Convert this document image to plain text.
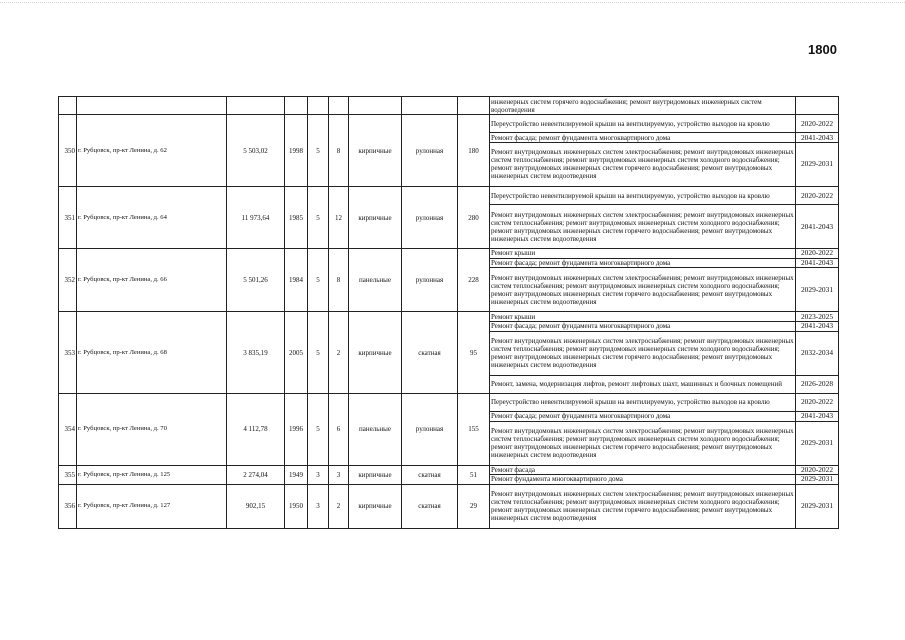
1800
									инженерных систем горячего водоснабжения; ремонт внутридомовых инженерных систем водоотведения	
350	г. Рубцовск, пр-кт Ленина, д. 62	5 503,02	1998	5	8	кирпичные	рулонная	180	Переустройство невентилируемой крыши на вентилируемую, устройство выходов на кровлю	2020-2022
									Ремонт фасада; ремонт фундамента многоквартирного дома	2041-2043
									Ремонт внутридомовых инженерных систем электроснабжения; ремонт внутридомовых инженерных систем теплоснабжения; ремонт внутридомовых инженерных систем холодного водоснабжения; ремонт внутридомовых инженерных систем горячего водоснабжения; ремонт внутридомовых инженерных систем водоотведения	2029-2031
351	г. Рубцовск, пр-кт Ленина, д. 64	11 973,64	1985	5	12	кирпичные	рулонная	280	Переустройство невентилируемой крыши на вентилируемую, устройство выходов на кровлю	2020-2022
									Ремонт внутридомовых инженерных систем электроснабжения; ремонт внутридомовых инженерных систем теплоснабжения; ремонт внутридомовых инженерных систем холодного водоснабжения; ремонт внутридомовых инженерных систем горячего водоснабжения; ремонт внутридомовых инженерных систем водоотведения	2041-2043
352	г. Рубцовск, пр-кт Ленина, д. 66	5 501,26	1984	5	8	панельные	рулонная	228	Ремонт крыши	2020-2022
									Ремонт фасада; ремонт фундамента многоквартирного дома	2041-2043
									Ремонт внутридомовых инженерных систем электроснабжения; ремонт внутридомовых инженерных систем теплоснабжения; ремонт внутридомовых инженерных систем холодного водоснабжения; ремонт внутридомовых инженерных систем горячего водоснабжения; ремонт внутридомовых инженерных систем водоотведения	2029-2031
353	г. Рубцовск, пр-кт Ленина, д. 68	3 835,19	2005	5	2	кирпичные	скатная	95	Ремонт крыши	2023-2025
									Ремонт фасада; ремонт фундамента многоквартирного дома	2041-2043
									Ремонт внутридомовых инженерных систем электроснабжения; ремонт внутридомовых инженерных систем теплоснабжения; ремонт внутридомовых инженерных систем холодного водоснабжения; ремонт внутридомовых инженерных систем горячего водоснабжения; ремонт внутридомовых инженерных систем водоотведения	2032-2034
									Ремонт, замена, модернизация лифтов, ремонт лифтовых шахт, машинных и блочных помещений	2026-2028
354	г. Рубцовск, пр-кт Ленина, д. 70	4 112,78	1996	5	6	панельные	рулонная	155	Переустройство невентилируемой крыши на вентилируемую, устройство выходов на кровлю	2020-2022
									Ремонт фасада; ремонт фундамента многоквартирного дома	2041-2043
									Ремонт внутридомовых инженерных систем электроснабжения; ремонт внутридомовых инженерных систем теплоснабжения; ремонт внутридомовых инженерных систем холодного водоснабжения; ремонт внутридомовых инженерных систем горячего водоснабжения; ремонт внутридомовых инженерных систем водоотведения	2029-2031
355	г. Рубцовск, пр-кт Ленина, д. 125	2 274,04	1949	3	3	кирпичные	скатная	51	Ремонт фасада	2020-2022
									Ремонт фундамента многоквартирного дома	2029-2031
356	г. Рубцовск, пр-кт Ленина, д. 127	902,15	1950	3	2	кирпичные	скатная	29	Ремонт внутридомовых инженерных систем электроснабжения; ремонт внутридомовых инженерных систем теплоснабжения; ремонт внутридомовых инженерных систем холодного водоснабжения; ремонт внутридомовых инженерных систем горячего водоснабжения; ремонт внутридомовых инженерных систем водоотведения	2029-2031
